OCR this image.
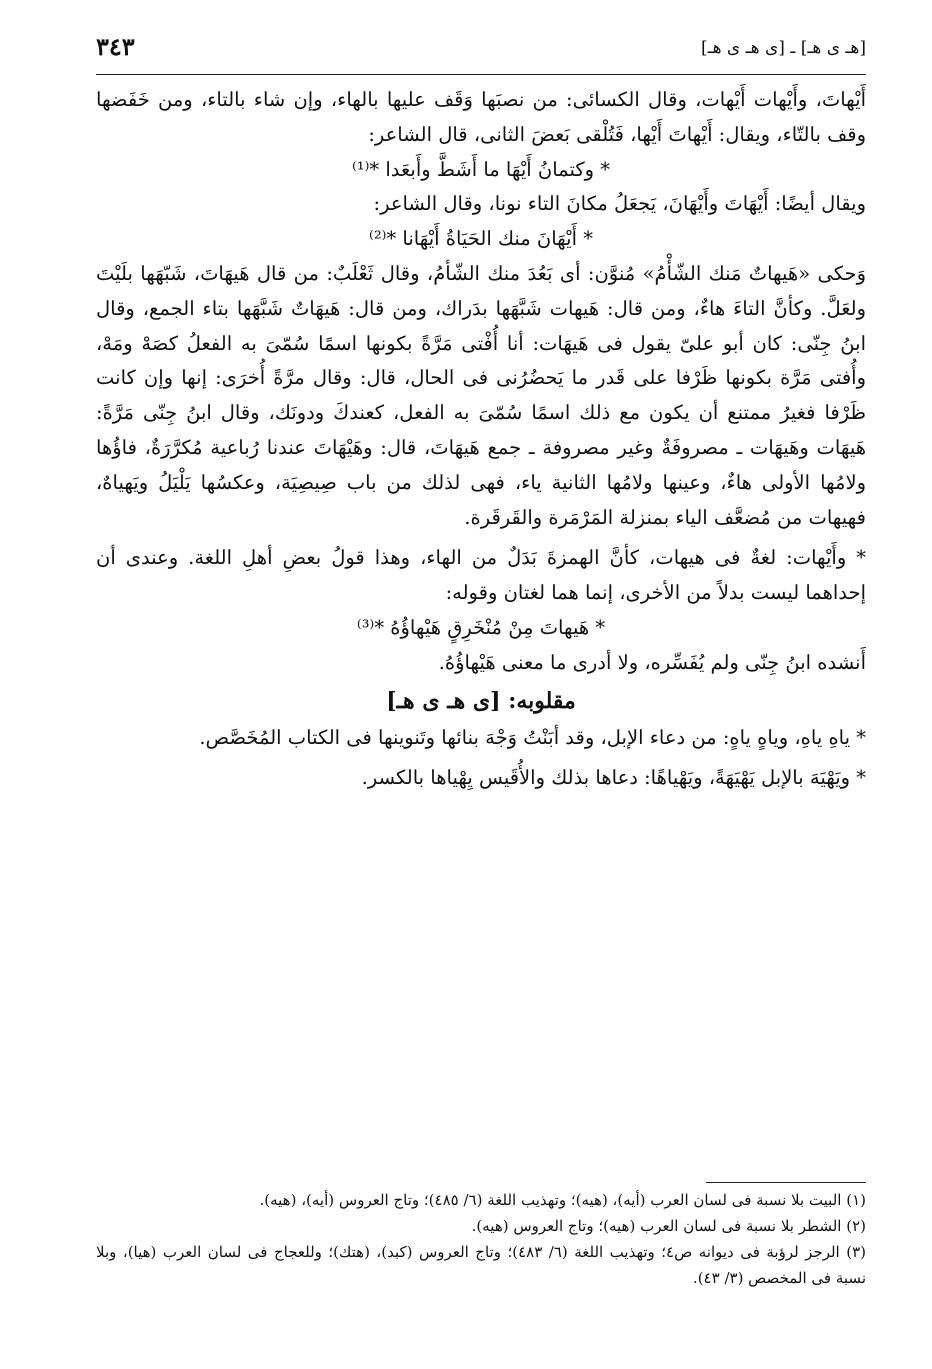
[هـ ى هـ] ـ [ى هـ ى هـ]
٣٤٣

أَيْهاتَ، وأَيْهات أَيْهات، وقال الكسائى: من نصبَها وَقَف عليها بالهاء، وإن شاء بالتاء، ومن خَفَضها وقف بالتّاء، ويقال: أَيْهاتَ أَيْها، فَتُلْقى بَعضَ الثانى، قال الشاعر:

* وكتمانُ أَيْهَا ما أَشَطَّ وأَبعَدا *⁽¹⁾

ويقال أيضًا: أَيْهَاتَ وأَيْهَانَ، يَجعَلُ مكانَ التاء نونا، وقال الشاعر:

* أَيْهَانَ منك الحَيَاةُ أَيْهَانا *⁽²⁾

وَحكى «هَيهاتٌ مَنك الشّأْمُ» مُنوَّن: أى بَعُدَ منك الشّأمُ، وقال ثَعْلَبٌ: من قال هَيهَاتَ، شَبّهَها بلَيْتَ ولعَلَّ. وكأنَّ التاءَ هاءٌ، ومن قال: هَيهات شَبَّهَها بدَراك، ومن قال: هَيهَاتٌ شَبَّهَها بتاء الجمع، وقال ابنُ جِنّى: كان أبو علىّ يقول فى هَيهَات: أنا أُفْتى مَرَّةً بكونها اسمًا سُمّىَ به الفعلُ كصَهْ ومَهْ، وأُفتى مَرَّة بكونها ظَرْفا على قَدر ما يَحضُرُنى فى الحال، قال: وقال مرَّةً أُخرَى: إنها وإن كانت ظَرْفا فغيرُ ممتنع أن يكون مع ذلك اسمًا سُمّىَ به الفعل، كعندكَ ودونَك، وقال ابنُ جِنّى مَرَّةً: هَيهَات وهَيهَات ـ مصروفَةٌ وغير مصروفة ـ جمع هَيهَاتَ، قال: وهَيْهَاتَ عندنا رُباعية مُكرَّرَةٌ، فاؤُها ولامُها الأولى هاءٌ، وعينها ولامُها الثانية ياء، فهى لذلك من باب صِيصِيَة، وعكسُها يَلْيَلُ ويَهياهٌ، فهيهات من مُضعَّف الياء بمنزلة المَرْمَرة والقَرقَرة.

* وأَيْهات: لغةٌ فى هيهات، كأنَّ الهمزةَ بَدَلٌ من الهاء، وهذا قولُ بعضِ أهلِ اللغة. وعندى أن إحداهما ليست بدلاً من الأخرى، إنما هما لغتان وقوله:

* هَيهاتَ مِنْ مُنْخَرِقٍ هَيْهاؤُهُ *⁽³⁾

أَنشده ابنُ جِنّى ولم يُفَسِّره، ولا أدرى ما معنى هَيْهاؤُهُ.

مقلوبه: [ى هـ ى هـ]

* ياهِ ياهِ، وياهٍ ياهٍ: من دعاء الإبل، وقد أبَنْتُ وَجْهَ بنائها وتَنوينها فى الكتاب المُخَصَّص.

* ويَهْيَهَ بالإبل يَهْيَهَةً، ويَهْياهًا: دعاها بذلك والأُقَيس يِهْياها بالكسر.

(١) البيت بلا نسبة فى لسان العرب (أيه)، (هيه)؛ وتهذيب اللغة (٦/ ٤٨٥)؛ وتاج العروس (أيه)، (هيه).

(٢) الشطر بلا نسبة فى لسان العرب (هيه)؛ وتاج العروس (هيه).

(٣) الرجز لرؤبة فى ديوانه ص٤؛ وتهذيب اللغة (٦/ ٤٨٣)؛ وتاج العروس (كبد)، (هتك)؛ وللعجاج فى لسان العرب (هيا)، وبلا نسبة فى المخصص (٣/ ٤٣).
